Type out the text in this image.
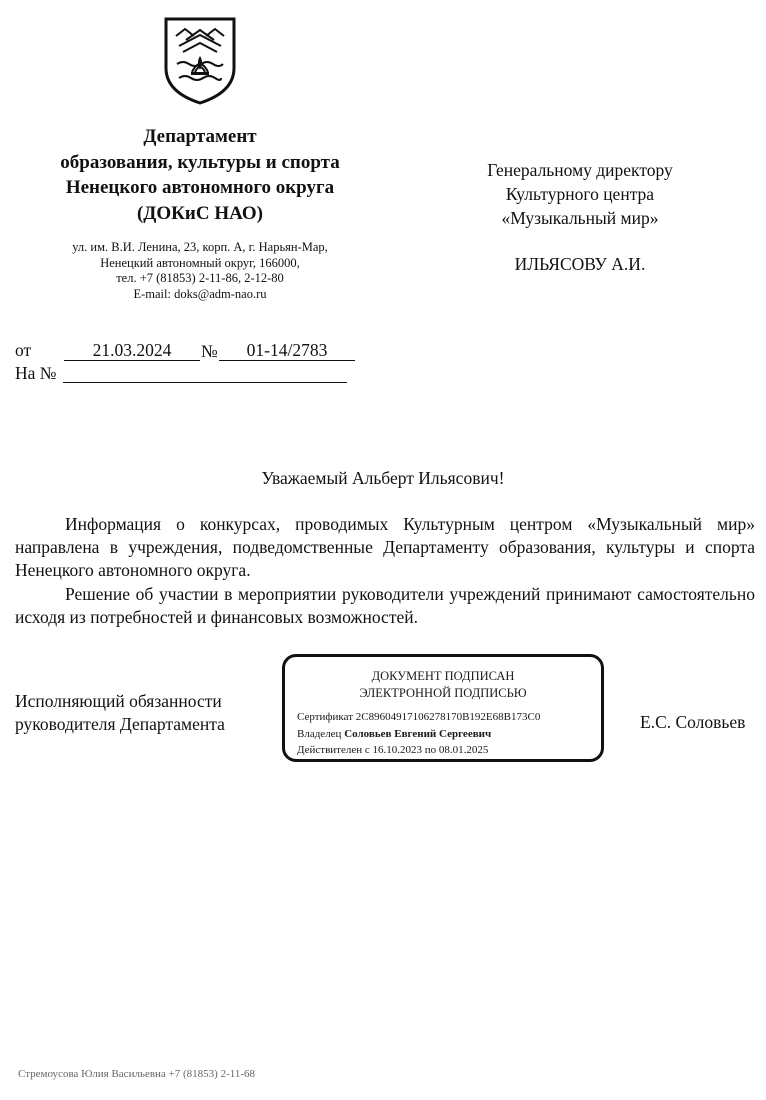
Департамент
образования, культуры и спорта
Ненецкого автономного округа
(ДОКиС НАО)
ул. им. В.И. Ленина, 23, корп. А, г. Нарьян-Мар,
Ненецкий автономный округ, 166000,
тел. +7 (81853) 2-11-86, 2-12-80
E-mail: doks@adm-nao.ru
Генеральному директору
Культурного центра
«Музыкальный мир»
ИЛЬЯСОВУ А.И.
от	21.03.2024	№	01-14/2783
На №
Уважаемый Альберт Ильясович!

Информация о конкурсах, проводимых Культурным центром «Музыкальный мир» направлена в учреждения, подведомственные Департаменту образования, культуры и спорта Ненецкого автономного округа.

Решение об участии в мероприятии руководители учреждений принимают самостоятельно исходя из потребностей и финансовых возможностей.

Исполняющий обязанности
руководителя Департамента
ДОКУМЕНТ ПОДПИСАН
ЭЛЕКТРОННОЙ ПОДПИСЬЮ
Сертификат 2C89604917106278170B192E68B173C0
Владелец Соловьев Евгений Сергеевич
Действителен с 16.10.2023 по 08.01.2025
Е.С. Соловьев
Стремоусова Юлия Васильевна +7 (81853) 2-11-68
